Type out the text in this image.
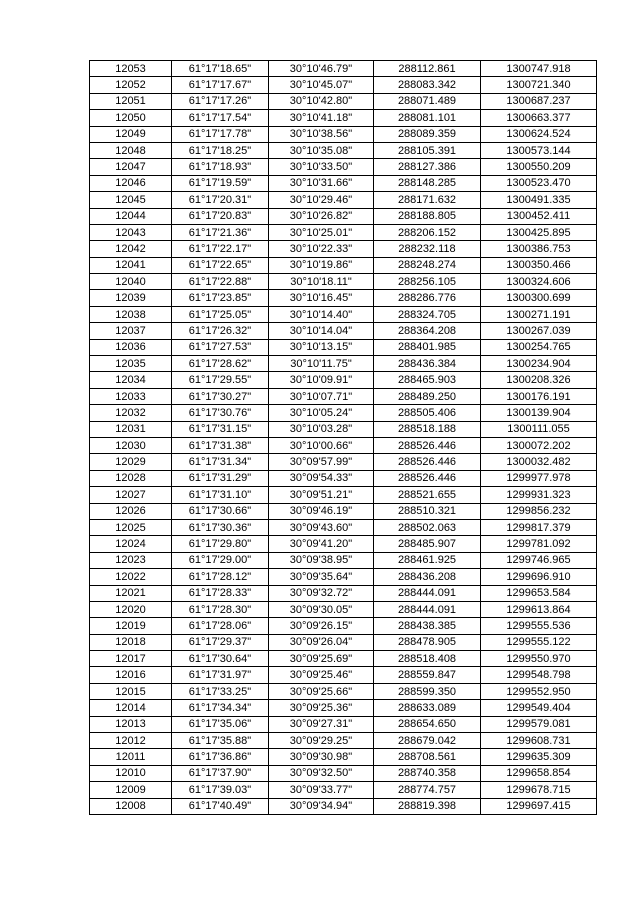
12053	61°17'18.65"	30°10'46.79"	288112.861	1300747.918
12052	61°17'17.67"	30°10'45.07"	288083.342	1300721.340
12051	61°17'17.26"	30°10'42.80"	288071.489	1300687.237
12050	61°17'17.54"	30°10'41.18"	288081.101	1300663.377
12049	61°17'17.78"	30°10'38.56"	288089.359	1300624.524
12048	61°17'18.25"	30°10'35.08"	288105.391	1300573.144
12047	61°17'18.93"	30°10'33.50"	288127.386	1300550.209
12046	61°17'19.59"	30°10'31.66"	288148.285	1300523.470
12045	61°17'20.31"	30°10'29.46"	288171.632	1300491.335
12044	61°17'20.83"	30°10'26.82"	288188.805	1300452.411
12043	61°17'21.36"	30°10'25.01"	288206.152	1300425.895
12042	61°17'22.17"	30°10'22.33"	288232.118	1300386.753
12041	61°17'22.65"	30°10'19.86"	288248.274	1300350.466
12040	61°17'22.88"	30°10'18.11"	288256.105	1300324.606
12039	61°17'23.85"	30°10'16.45"	288286.776	1300300.699
12038	61°17'25.05"	30°10'14.40"	288324.705	1300271.191
12037	61°17'26.32"	30°10'14.04"	288364.208	1300267.039
12036	61°17'27.53"	30°10'13.15"	288401.985	1300254.765
12035	61°17'28.62"	30°10'11.75"	288436.384	1300234.904
12034	61°17'29.55"	30°10'09.91"	288465.903	1300208.326
12033	61°17'30.27"	30°10'07.71"	288489.250	1300176.191
12032	61°17'30.76"	30°10'05.24"	288505.406	1300139.904
12031	61°17'31.15"	30°10'03.28"	288518.188	1300111.055
12030	61°17'31.38"	30°10'00.66"	288526.446	1300072.202
12029	61°17'31.34"	30°09'57.99"	288526.446	1300032.482
12028	61°17'31.29"	30°09'54.33"	288526.446	1299977.978
12027	61°17'31.10"	30°09'51.21"	288521.655	1299931.323
12026	61°17'30.66"	30°09'46.19"	288510.321	1299856.232
12025	61°17'30.36"	30°09'43.60"	288502.063	1299817.379
12024	61°17'29.80"	30°09'41.20"	288485.907	1299781.092
12023	61°17'29.00"	30°09'38.95"	288461.925	1299746.965
12022	61°17'28.12"	30°09'35.64"	288436.208	1299696.910
12021	61°17'28.33"	30°09'32.72"	288444.091	1299653.584
12020	61°17'28.30"	30°09'30.05"	288444.091	1299613.864
12019	61°17'28.06"	30°09'26.15"	288438.385	1299555.536
12018	61°17'29.37"	30°09'26.04"	288478.905	1299555.122
12017	61°17'30.64"	30°09'25.69"	288518.408	1299550.970
12016	61°17'31.97"	30°09'25.46"	288559.847	1299548.798
12015	61°17'33.25"	30°09'25.66"	288599.350	1299552.950
12014	61°17'34.34"	30°09'25.36"	288633.089	1299549.404
12013	61°17'35.06"	30°09'27.31"	288654.650	1299579.081
12012	61°17'35.88"	30°09'29.25"	288679.042	1299608.731
12011	61°17'36.86"	30°09'30.98"	288708.561	1299635.309
12010	61°17'37.90"	30°09'32.50"	288740.358	1299658.854
12009	61°17'39.03"	30°09'33.77"	288774.757	1299678.715
12008	61°17'40.49"	30°09'34.94"	288819.398	1299697.415
